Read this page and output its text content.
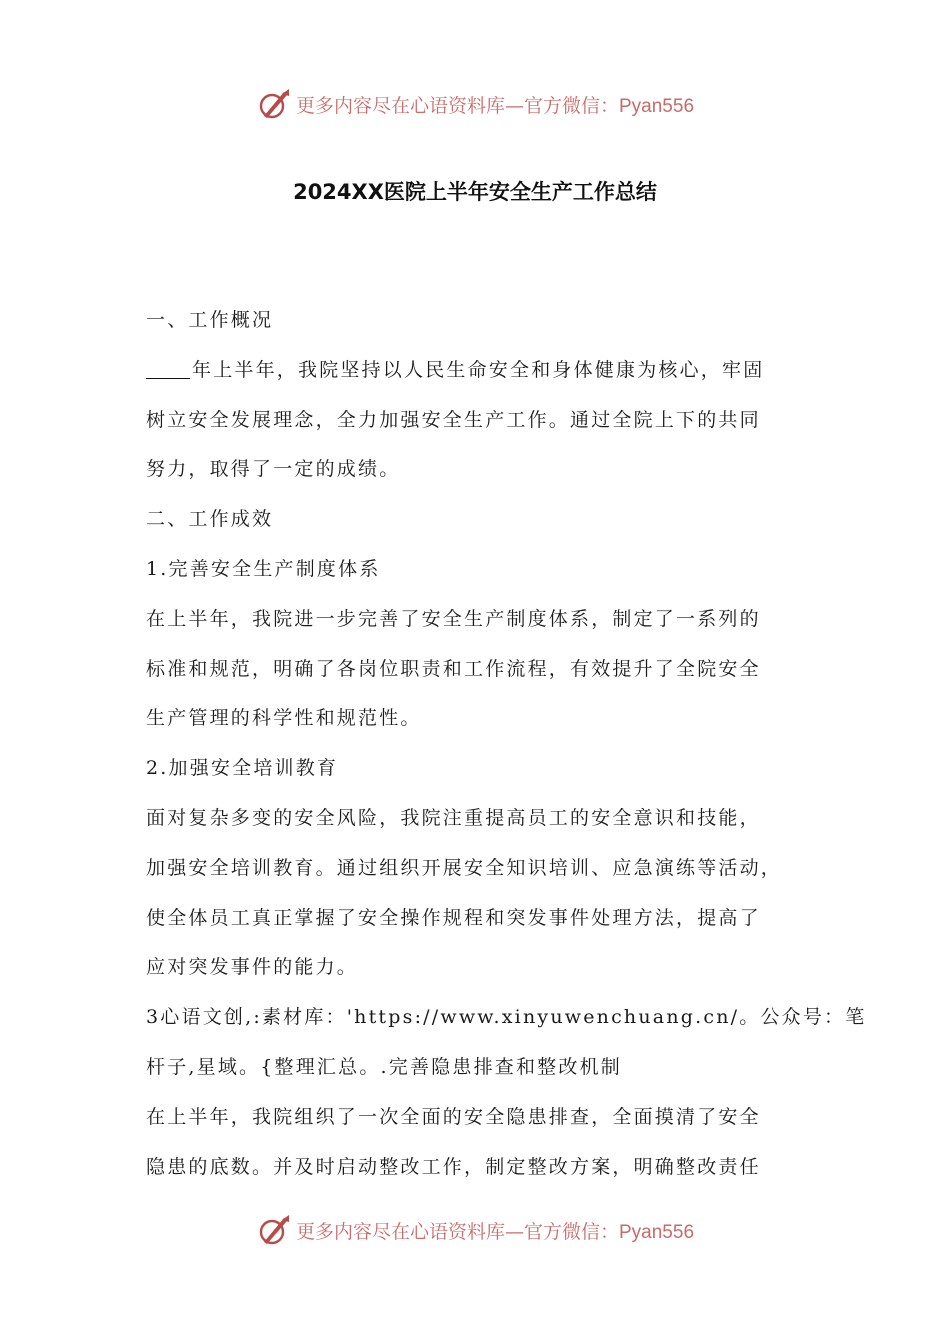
更多内容尽在心语资料库—官方微信：Pyan556
2024XX医院上半年安全生产工作总结

一、工作概况

年上半年，我院坚持以人民生命安全和身体健康为核心，牢固

树立安全发展理念，全力加强安全生产工作。通过全院上下的共同

努力，取得了一定的成绩。

二、工作成效

1.完善安全生产制度体系

在上半年，我院进一步完善了安全生产制度体系，制定了一系列的

标准和规范，明确了各岗位职责和工作流程，有效提升了全院安全

生产管理的科学性和规范性。

2.加强安全培训教育

面对复杂多变的安全风险，我院注重提高员工的安全意识和技能，

加强安全培训教育。通过组织开展安全知识培训、应急演练等活动，

使全体员工真正掌握了安全操作规程和突发事件处理方法，提高了

应对突发事件的能力。

3心语文创,:素材库：'https://www.xinyuwenchuang.cn/。公众号：笔

杆子,星域。{整理汇总。.完善隐患排查和整改机制

在上半年，我院组织了一次全面的安全隐患排查，全面摸清了安全

隐患的底数。并及时启动整改工作，制定整改方案，明确整改责任

更多内容尽在心语资料库—官方微信：Pyan556
